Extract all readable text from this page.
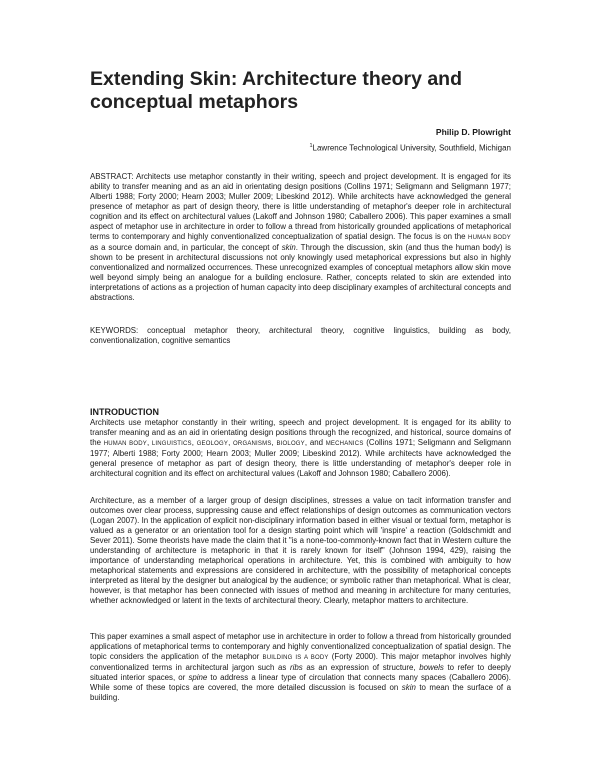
Extending Skin: Architecture theory and conceptual metaphors
Philip D. Plowright
$^1$Lawrence Technological University, Southfield, Michigan

ABSTRACT: Architects use metaphor constantly in their writing, speech and project development. It is engaged for its ability to transfer meaning and as an aid in orientating design positions (Collins 1971; Seligmann and Seligmann 1977; Alberti 1988; Forty 2000; Hearn 2003; Muller 2009; Libeskind 2012). While architects have acknowledged the general presence of metaphor as part of design theory, there is little understanding of metaphor's deeper role in architectural cognition and its effect on architectural values (Lakoff and Johnson 1980; Caballero 2006). This paper examines a small aspect of metaphor use in architecture in order to follow a thread from historically grounded applications of metaphorical terms to contemporary and highly conventionalized conceptualization of spatial design. The focus is on the HUMAN BODY as a source domain and, in particular, the concept of skin. Through the discussion, skin (and thus the human body) is shown to be present in architectural discussions not only knowingly used metaphorical expressions but also in highly conventionalized and normalized occurrences. These unrecognized examples of conceptual metaphors allow skin move well beyond simply being an analogue for a building enclosure. Rather, concepts related to skin are extended into interpretations of actions as a projection of human capacity into deep disciplinary examples of architectural concepts and abstractions.

KEYWORDS: conceptual metaphor theory, architectural theory, cognitive linguistics, building as body, conventionalization, cognitive semantics

INTRODUCTION

Architects use metaphor constantly in their writing, speech and project development. It is engaged for its ability to transfer meaning and as an aid in orientating design positions through the recognized, and historical, source domains of the HUMAN BODY, LINGUISTICS, GEOLOGY, ORGANISMS, BIOLOGY, and MECHANICS (Collins 1971; Seligmann and Seligmann 1977; Alberti 1988; Forty 2000; Hearn 2003; Muller 2009; Libeskind 2012). While architects have acknowledged the general presence of metaphor as part of design theory, there is little understanding of metaphor's deeper role in architectural cognition and its effect on architectural values (Lakoff and Johnson 1980; Caballero 2006).

Architecture, as a member of a larger group of design disciplines, stresses a value on tacit information transfer and outcomes over clear process, suppressing cause and effect relationships of design outcomes as communication vectors (Logan 2007). In the application of explicit non-disciplinary information based in either visual or textual form, metaphor is valued as a generator or an orientation tool for a design starting point which will 'inspire' a reaction (Goldschmidt and Sever 2011). Some theorists have made the claim that it "is a none-too-commonly-known fact that in Western culture the understanding of architecture is metaphoric in that it is rarely known for itself" (Johnson 1994, 429), raising the importance of understanding metaphorical operations in architecture. Yet, this is combined with ambiguity to how metaphorical statements and expressions are considered in architecture, with the possibility of metaphorical concepts interpreted as literal by the designer but analogical by the audience; or symbolic rather than metaphorical. What is clear, however, is that metaphor has been connected with issues of method and meaning in architecture for many centuries, whether acknowledged or latent in the texts of architectural theory. Clearly, metaphor matters to architecture.

This paper examines a small aspect of metaphor use in architecture in order to follow a thread from historically grounded applications of metaphorical terms to contemporary and highly conventionalized conceptualization of spatial design. The topic considers the application of the metaphor BUILDING IS A BODY (Forty 2000). This major metaphor involves highly conventionalized terms in architectural jargon such as ribs as an expression of structure, bowels to refer to deeply situated interior spaces, or spine to address a linear type of circulation that connects many spaces (Caballero 2006). While some of these topics are covered, the more detailed discussion is focused on skin to mean the surface of a building.
